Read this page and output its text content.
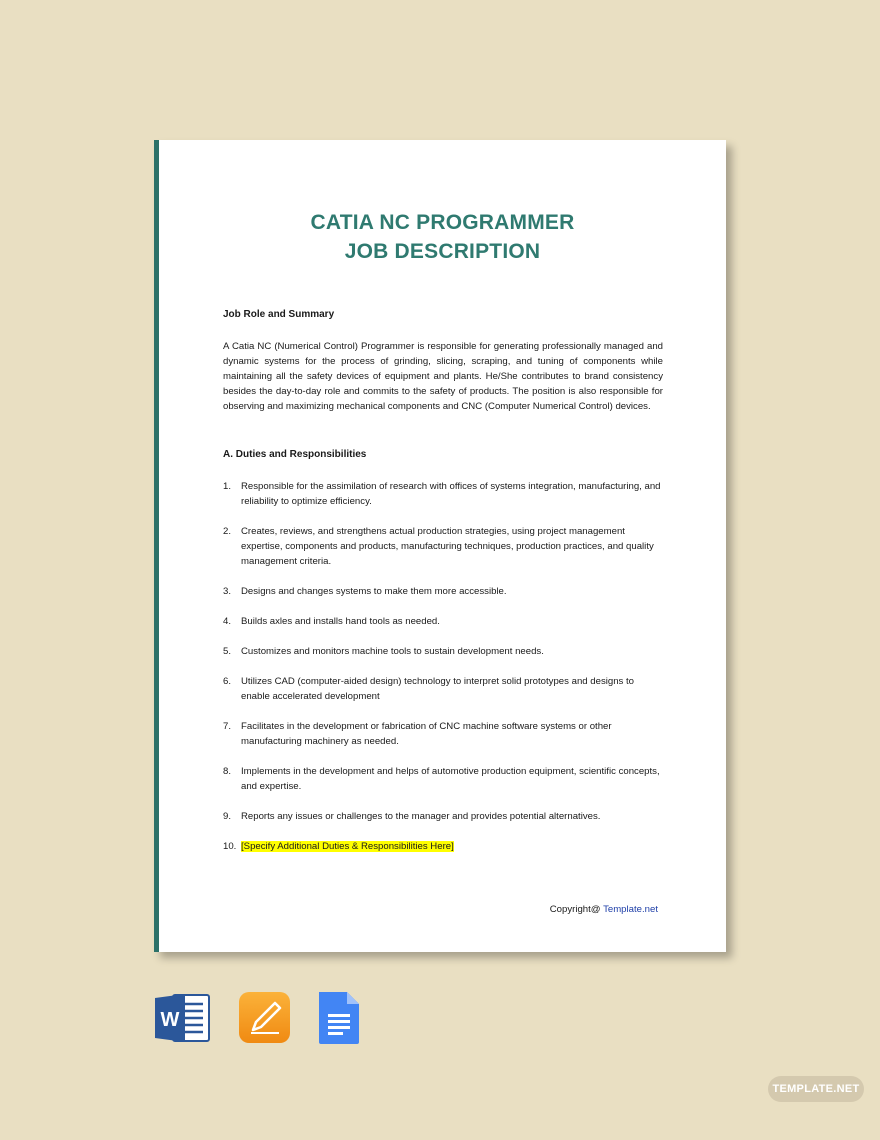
CATIA NC PROGRAMMER
JOB DESCRIPTION
Job Role and Summary
A Catia NC (Numerical Control) Programmer is responsible for generating professionally managed and dynamic systems for the process of grinding, slicing, scraping, and tuning of components while maintaining all the safety devices of equipment and plants. He/She contributes to brand consistency besides the day-to-day role and commits to the safety of products. The position is also responsible for observing and maximizing mechanical components and CNC (Computer Numerical Control) devices.
A. Duties and Responsibilities
1.	Responsible for the assimilation of research with offices of systems integration, manufacturing, and reliability to optimize efficiency.
2.	Creates, reviews, and strengthens actual production strategies, using project management expertise, components and products, manufacturing techniques, production practices, and quality management criteria.
3.	Designs and changes systems to make them more accessible.
4.	Builds axles and installs hand tools as needed.
5.	Customizes and monitors machine tools to sustain development needs.
6.	Utilizes CAD (computer-aided design) technology to interpret solid prototypes and designs to enable accelerated development
7.	Facilitates in the development or fabrication of CNC machine software systems or other manufacturing machinery as needed.
8.	Implements in the development and helps of automotive production equipment, scientific concepts, and expertise.
9.	Reports any issues or challenges to the manager and provides potential alternatives.
10. [Specify Additional Duties & Responsibilities Here]
Copyright@ Template.net
W
TEMPLATE.NET
